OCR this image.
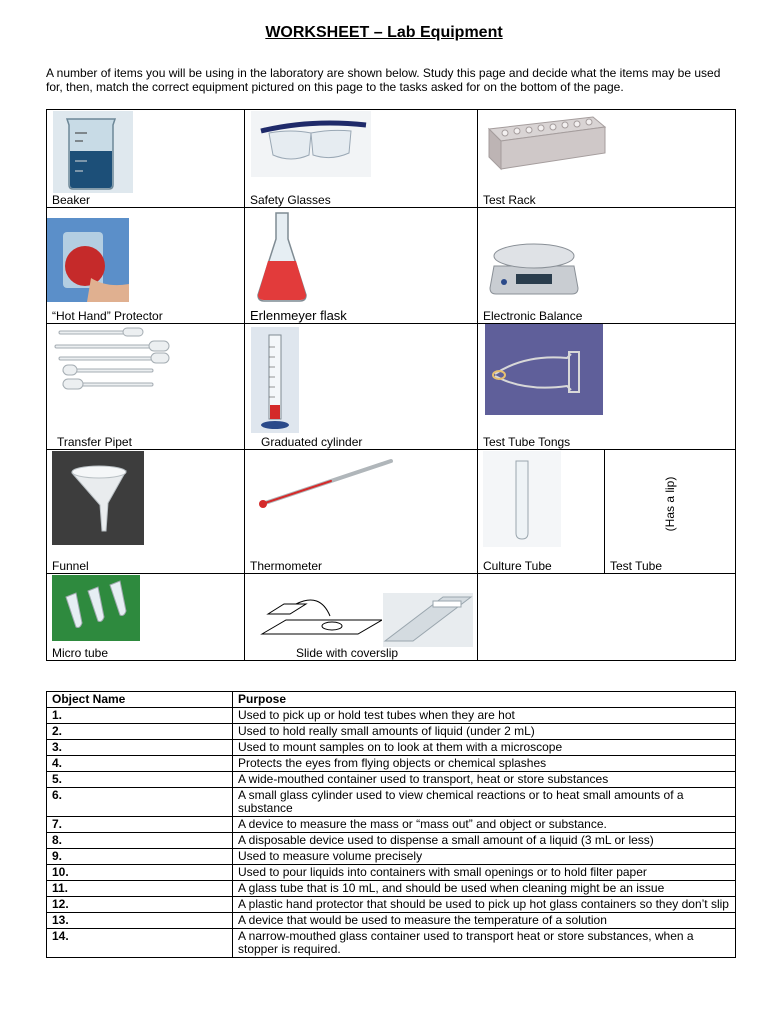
WORKSHEET – Lab Equipment
A number of items you will be using in the laboratory are shown below. Study this page and decide what the items may be used for, then, match the correct equipment pictured on this page to the tasks asked for on the bottom of the page.
Beaker	Safety Glasses	Test Rack	

“Hot Hand” Protector	Erlenmeyer flask	Electronic Balance	

Transfer Pipet	Graduated cylinder	Test Tube Tongs	

Funnel	Thermometer	Culture Tube	(Has a lip)
Test Tube

Micro tube	Slide with coverslip		

Object Name	Purpose
1.	Used to pick up or hold test tubes when they are hot
2.	Used to hold really small amounts of liquid (under 2 mL)
3.	Used to mount samples on to look at them with a microscope
4.	Protects the eyes from flying objects or chemical splashes
5.	A wide-mouthed container used to transport, heat or store substances
6.	A small glass cylinder used to view chemical reactions or to heat small amounts of a substance
7.	A device to measure the mass or “mass out” and object or substance.
8.	A disposable device used to dispense a small amount of a liquid (3 mL or less)
9.	Used to measure volume precisely
10.	Used to pour liquids into containers with small openings or to hold filter paper
11.	A glass tube that is 10 mL, and should be used when cleaning might be an issue
12.	A plastic hand protector that should be used to pick up hot glass containers so they don’t slip
13.	A device that would be used to measure the temperature of a solution
14.	A narrow-mouthed glass container used to transport heat or store substances, when a stopper is required.
